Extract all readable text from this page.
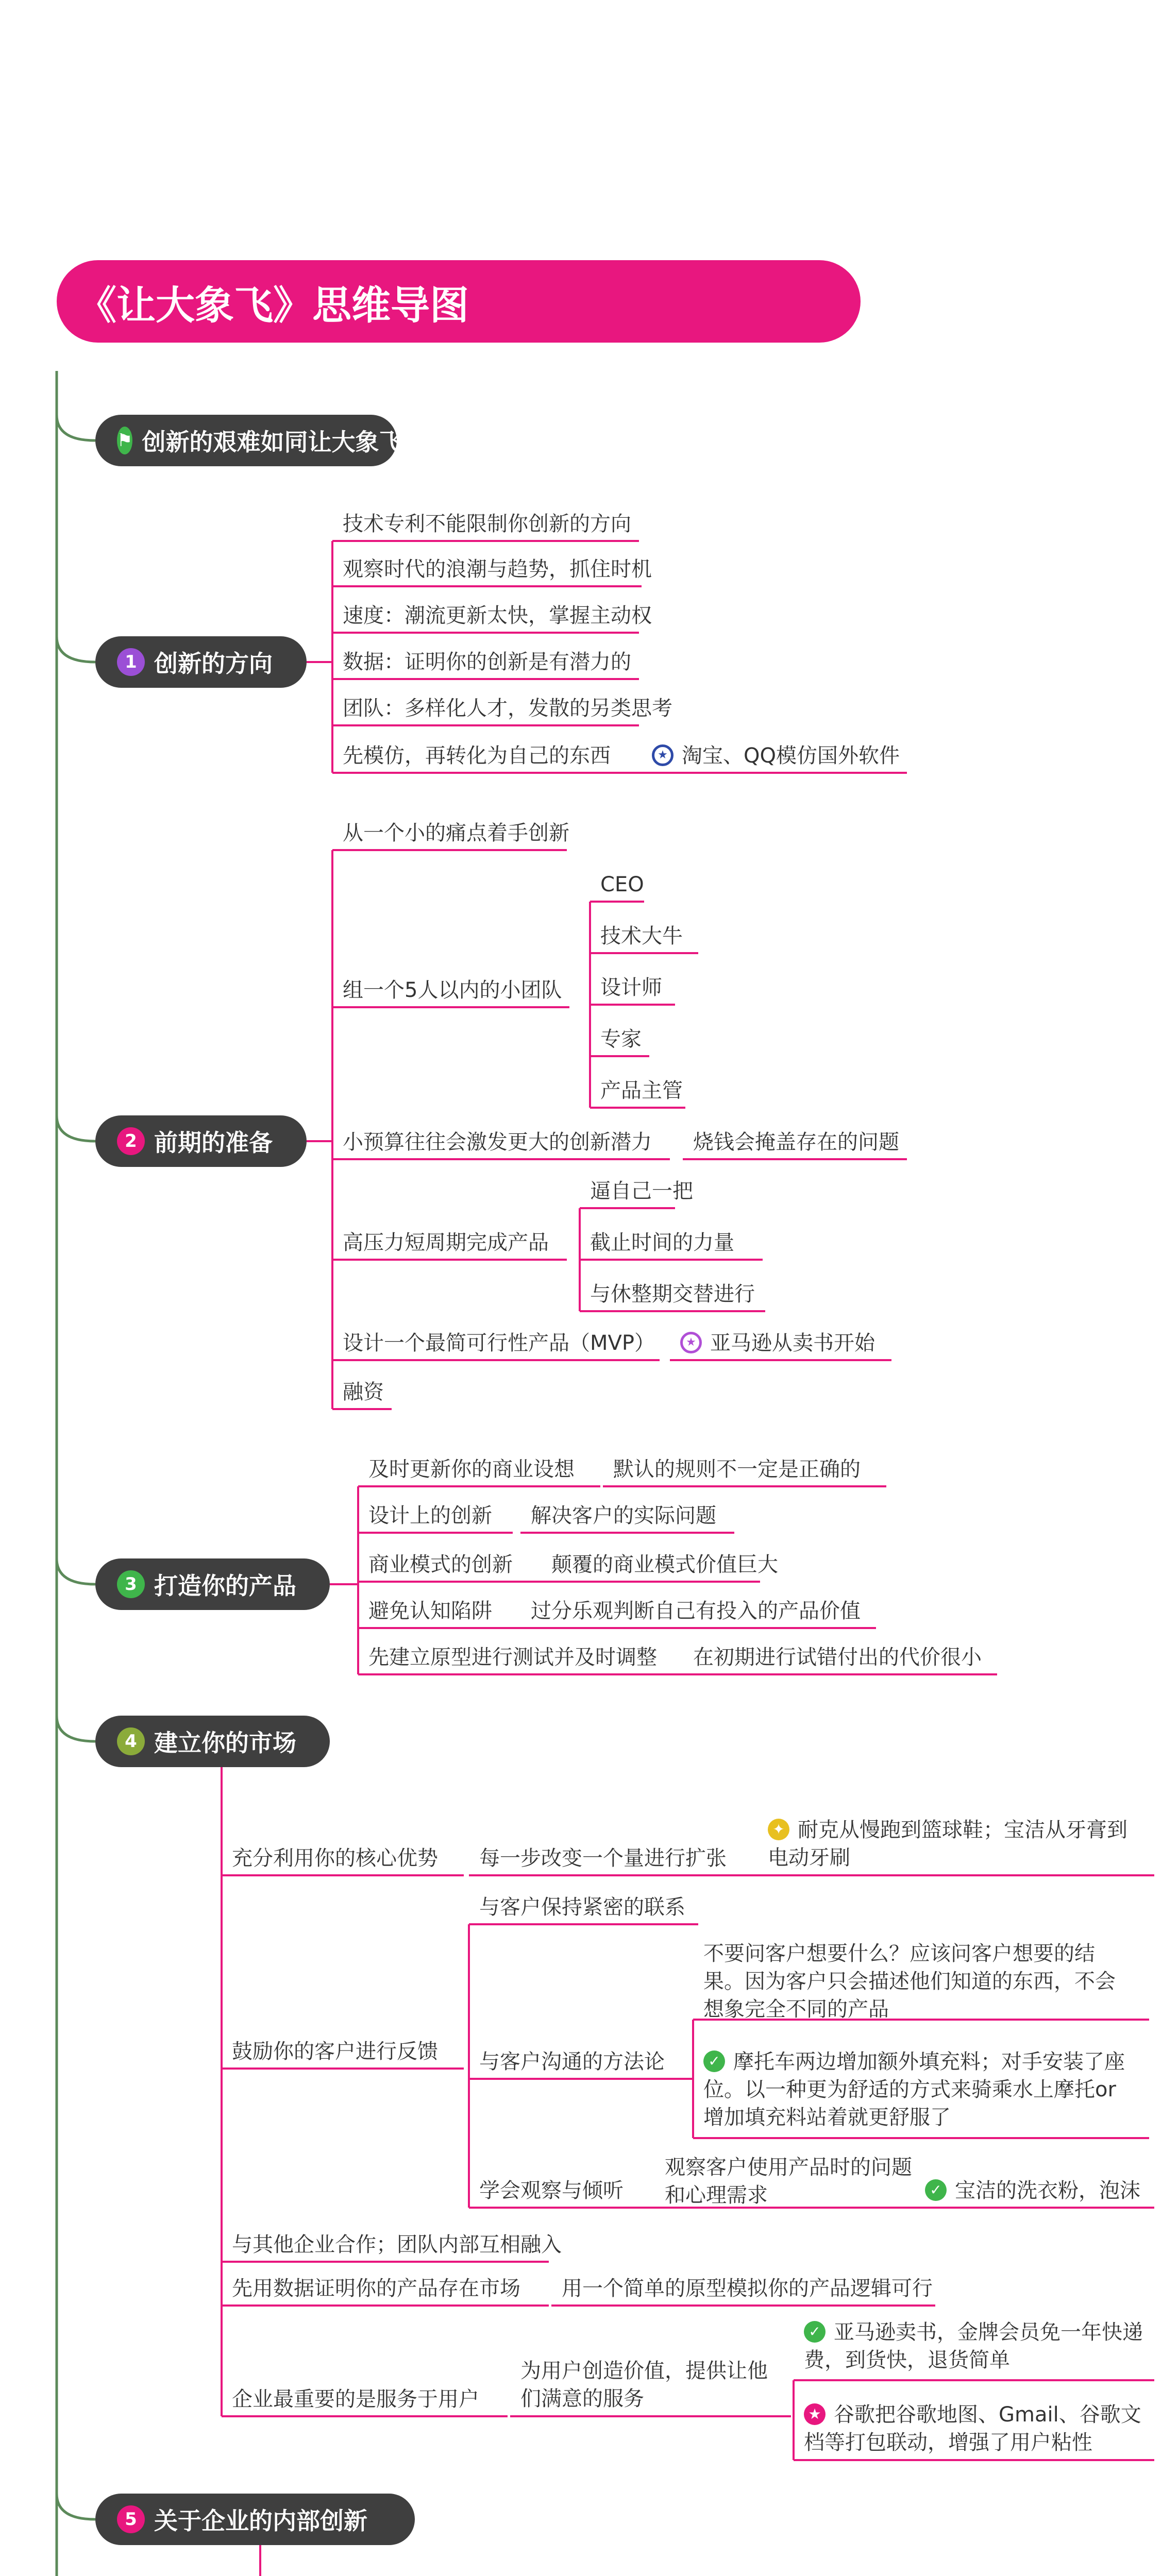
《让大象飞》思维导图
⚑ 创新的艰难如同让大象飞
1 创新的方向
2 前期的准备
3 打造你的产品
4 建立你的市场
5 关于企业的内部创新
技术专利不能限制你创新的方向
观察时代的浪潮与趋势，抓住时机
速度：潮流更新太快，掌握主动权
数据：证明你的创新是有潜力的
团队：多样化人才，发散的另类思考
先模仿，再转化为自己的东西	★ 淘宝、QQ模仿国外软件
从一个小的痛点着手创新
组一个5人以内的小团队
CEO
技术大牛
设计师
专家
产品主管
小预算往往会激发更大的创新潜力 烧钱会掩盖存在的问题
高压力短周期完成产品
逼自己一把
截止时间的力量
与休整期交替进行
设计一个最简可行性产品（MVP）	★ 亚马逊从卖书开始
融资
及时更新你的商业设想 默认的规则不一定是正确的
设计上的创新 解决客户的实际问题
商业模式的创新 颠覆的商业模式价值巨大
避免认知陷阱 过分乐观判断自己有投入的产品价值
先建立原型进行测试并及时调整 在初期进行试错付出的代价很小
充分利用你的核心优势 每一步改变一个量进行扩张
✦ 耐克从慢跑到篮球鞋；宝洁从牙膏到电动牙刷
鼓励你的客户进行反馈
与客户保持紧密的联系
与客户沟通的方法论
不要问客户想要什么？应该问客户想要的结果。因为客户只会描述他们知道的东西，不会想象完全不同的产品
✓ 摩托车两边增加额外填充料；对手安装了座位。以一种更为舒适的方式来骑乘水上摩托or增加填充料站着就更舒服了
学会观察与倾听
观察客户使用产品时的问题和心理需求	✓ 宝洁的洗衣粉，泡沫
与其他企业合作；团队内部互相融入
先用数据证明你的产品存在市场 用一个简单的原型模拟你的产品逻辑可行
企业最重要的是服务于用户
为用户创造价值，提供让他们满意的服务
✓ 亚马逊卖书，金牌会员免一年快递费，到货快，退货简单
★ 谷歌把谷歌地图、Gmail、谷歌文档等打包联动，增强了用户粘性
